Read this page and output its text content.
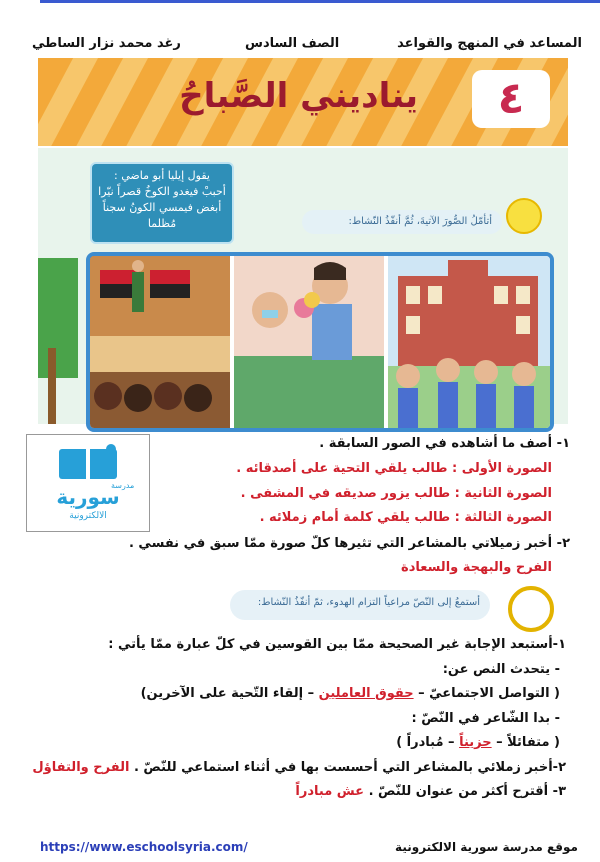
المساعد في المنهج والقواعد
الصف السادس
رغد محمد نزار الساطي
يناديني الصَّباحُ	٤
يقول إيليا أبو ماضي :
أحببْ فيغدو الكوخُ قصراً نيّرا
أبغض فيمسي الكونُ سجناً مُظلما	أتأمّلُ الصُّورَ الآتيةَ، ثُمَّ أنفّذُ النّشاط:
سورية
مدرسة
الالكترونية
١- أصف ما أشاهده في الصور السابقة .
الصورة الأولى : طالب يلقي التحية على أصدقائه .
الصورة الثانية : طالب يزور صديقه في المشفى .
الصورة الثالثة : طالب يلقي كلمة أمام زملائه .
٢- أخبر زميلاتي بالمشاعر التي تثيرها كلّ صورة ممّا سبق في نفسي .
الفرح والبهجة والسعادة
أستمعُ إلى النّصّ مراعياً التزام الهدوء، ثمّ أنفّذُ النّشاط:
١-أستبعد الإجابة غير الصحيحة ممّا بين القوسين في كلّ عبارة ممّا يأتي :
- يتحدث النص عن:
( التواصل الاجتماعيّ – حقوق العاملين – إلقاء التّحية على الآخرين)
- بدا الشّاعر في النّصّ :
( متفائلاً – حزيناً – مُبادراً )
٢-أخبر زملائي بالمشاعر التي أحسست بها في أثناء استماعي للنّصّ . الفرح والتفاؤل
٣- أقترح أكثر من عنوان للنّصّ . عش مبادراً
https://www.eschoolsyria.com/	موقع مدرسة سورية الالكترونية
